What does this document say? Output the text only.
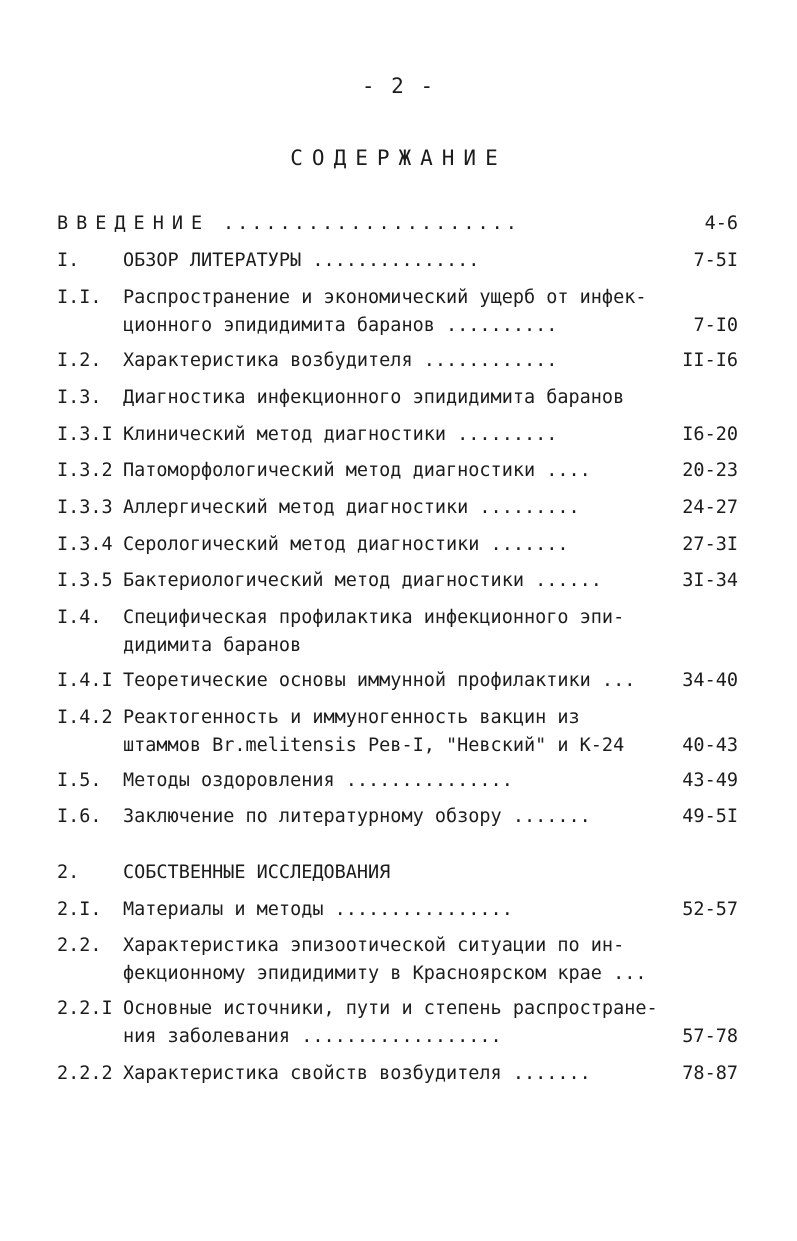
- 2 -
СОДЕРЖАНИЕ
ВВЕДЕНИЕ .....................	4-6
I. ОБЗОР ЛИТЕРАТУРЫ ...............	7-5I
I.I. Распространение и экономический ущерб от инфек-
ционного эпидидимита баранов ..........	7-I0
I.2. Характеристика возбудителя ............	II-I6
I.3. Диагностика инфекционного эпидидимита баранов
I.3.I Клинический метод диагностики .........	I6-20
I.3.2 Патоморфологический метод диагностики ....	20-23
I.3.3 Аллергический метод диагностики .........	24-27
I.3.4 Серологический метод диагностики .......	27-3I
I.3.5 Бактериологический метод диагностики ......	3I-34
I.4. Специфическая профилактика инфекционного эпи-
дидимита баранов
I.4.I Теоретические основы иммунной профилактики ...	34-40
I.4.2 Реактогенность и иммуногенность вакцин из
штаммов Br.melitensis Рев-I, "Невский" и К-24	40-43
I.5. Методы оздоровления ...............	43-49
I.6. Заключение по литературному обзору .......	49-5I
2. СОБСТВЕННЫЕ ИССЛЕДОВАНИЯ
2.I. Материалы и методы ................	52-57
2.2. Характеристика эпизоотической ситуации по ин-
фекционному эпидидимиту в Красноярском крае ...
2.2.I Основные источники, пути и степень распростране-
ния заболевания ..................	57-78
2.2.2 Характеристика свойств возбудителя .......	78-87
